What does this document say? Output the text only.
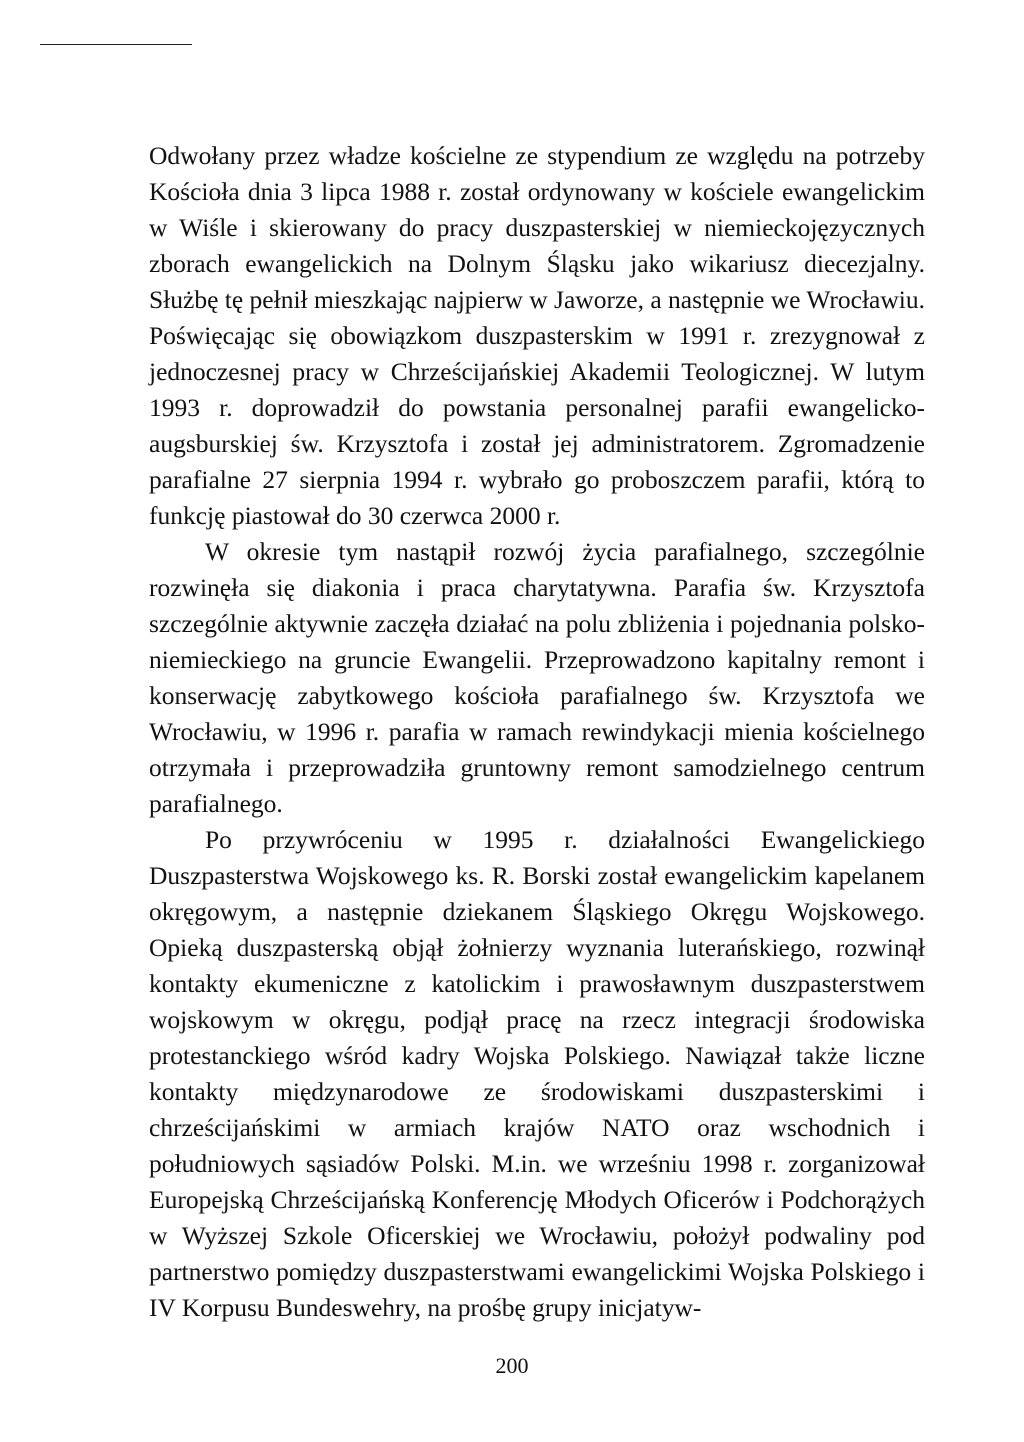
Odwołany przez władze kościelne ze stypendium ze względu na potrzeby Kościoła dnia 3 lipca 1988 r. został ordynowany w kościele ewangelickim w Wiśle i skierowany do pracy duszpasterskiej w niemieckojęzycznych zborach ewangelickich na Dolnym Śląsku jako wikariusz diecezjalny. Służbę tę pełnił mieszkając najpierw w Jaworze, a następnie we Wrocławiu. Poświęcając się obowiązkom duszpasterskim w 1991 r. zrezygnował z jednoczesnej pracy w Chrześcijańskiej Akademii Teologicznej. W lutym 1993 r. doprowadził do powstania personalnej parafii ewangelicko-augsburskiej św. Krzysztofa i został jej administratorem. Zgromadzenie parafialne 27 sierpnia 1994 r. wybrało go proboszczem parafii, którą to funkcję piastował do 30 czerwca 2000 r.

W okresie tym nastąpił rozwój życia parafialnego, szczególnie rozwinęła się diakonia i praca charytatywna. Parafia św. Krzysztofa szczególnie aktywnie zaczęła działać na polu zbliżenia i pojednania polsko-niemieckiego na gruncie Ewangelii. Przeprowadzono kapitalny remont i konserwację zabytkowego kościoła parafialnego św. Krzysztofa we Wrocławiu, w 1996 r. parafia w ramach rewindykacji mienia kościelnego otrzymała i przeprowadziła gruntowny remont samodzielnego centrum parafialnego.

Po przywróceniu w 1995 r. działalności Ewangelickiego Duszpasterstwa Wojskowego ks. R. Borski został ewangelickim kapelanem okręgowym, a następnie dziekanem Śląskiego Okręgu Wojskowego. Opieką duszpasterską objął żołnierzy wyznania luterańskiego, rozwinął kontakty ekumeniczne z katolickim i prawosławnym duszpasterstwem wojskowym w okręgu, podjął pracę na rzecz integracji środowiska protestanckiego wśród kadry Wojska Polskiego. Nawiązał także liczne kontakty międzynarodowe ze środowiskami duszpasterskimi i chrześcijańskimi w armiach krajów NATO oraz wschodnich i południowych sąsiadów Polski. M.in. we wrześniu 1998 r. zorganizował Europejską Chrześcijańską Konferencję Młodych Oficerów i Podchorążych w Wyższej Szkole Oficerskiej we Wrocławiu, położył podwaliny pod partnerstwo pomiędzy duszpasterstwami ewangelickimi Wojska Polskiego i IV Korpusu Bundeswehry, na prośbę grupy inicjatyw-

200
